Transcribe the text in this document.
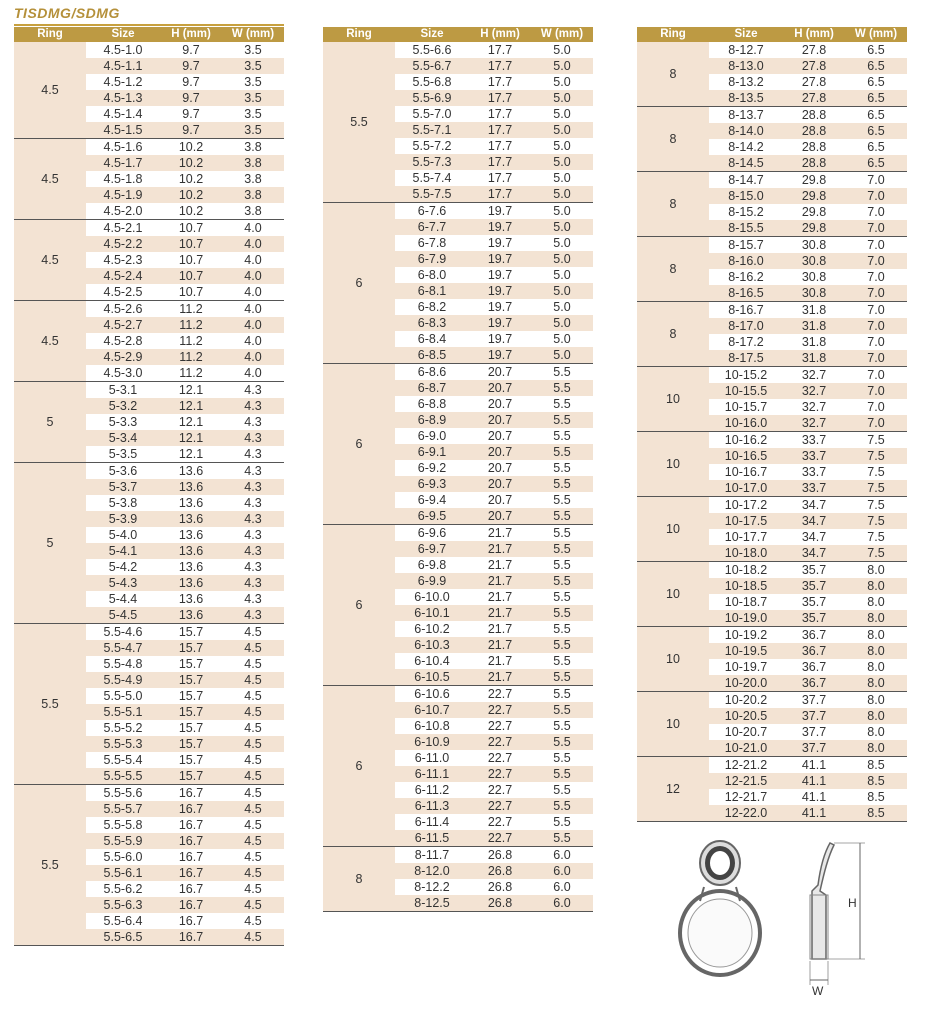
TISDMG/SDMG
Ring	Size	H (mm)	W (mm)
4.5
4.5-1.0	9.7	3.5
4.5-1.1	9.7	3.5
4.5-1.2	9.7	3.5
4.5-1.3	9.7	3.5
4.5-1.4	9.7	3.5
4.5-1.5	9.7	3.5
4.5
4.5-1.6	10.2	3.8
4.5-1.7	10.2	3.8
4.5-1.8	10.2	3.8
4.5-1.9	10.2	3.8
4.5-2.0	10.2	3.8
4.5
4.5-2.1	10.7	4.0
4.5-2.2	10.7	4.0
4.5-2.3	10.7	4.0
4.5-2.4	10.7	4.0
4.5-2.5	10.7	4.0
4.5
4.5-2.6	11.2	4.0
4.5-2.7	11.2	4.0
4.5-2.8	11.2	4.0
4.5-2.9	11.2	4.0
4.5-3.0	11.2	4.0
5
5-3.1	12.1	4.3
5-3.2	12.1	4.3
5-3.3	12.1	4.3
5-3.4	12.1	4.3
5-3.5	12.1	4.3
5
5-3.6	13.6	4.3
5-3.7	13.6	4.3
5-3.8	13.6	4.3
5-3.9	13.6	4.3
5-4.0	13.6	4.3
5-4.1	13.6	4.3
5-4.2	13.6	4.3
5-4.3	13.6	4.3
5-4.4	13.6	4.3
5-4.5	13.6	4.3
5.5
5.5-4.6	15.7	4.5
5.5-4.7	15.7	4.5
5.5-4.8	15.7	4.5
5.5-4.9	15.7	4.5
5.5-5.0	15.7	4.5
5.5-5.1	15.7	4.5
5.5-5.2	15.7	4.5
5.5-5.3	15.7	4.5
5.5-5.4	15.7	4.5
5.5-5.5	15.7	4.5
5.5
5.5-5.6	16.7	4.5
5.5-5.7	16.7	4.5
5.5-5.8	16.7	4.5
5.5-5.9	16.7	4.5
5.5-6.0	16.7	4.5
5.5-6.1	16.7	4.5
5.5-6.2	16.7	4.5
5.5-6.3	16.7	4.5
5.5-6.4	16.7	4.5
5.5-6.5	16.7	4.5
Ring	Size	H (mm)	W (mm)
5.5
5.5-6.6	17.7	5.0
5.5-6.7	17.7	5.0
5.5-6.8	17.7	5.0
5.5-6.9	17.7	5.0
5.5-7.0	17.7	5.0
5.5-7.1	17.7	5.0
5.5-7.2	17.7	5.0
5.5-7.3	17.7	5.0
5.5-7.4	17.7	5.0
5.5-7.5	17.7	5.0
6
6-7.6	19.7	5.0
6-7.7	19.7	5.0
6-7.8	19.7	5.0
6-7.9	19.7	5.0
6-8.0	19.7	5.0
6-8.1	19.7	5.0
6-8.2	19.7	5.0
6-8.3	19.7	5.0
6-8.4	19.7	5.0
6-8.5	19.7	5.0
6
6-8.6	20.7	5.5
6-8.7	20.7	5.5
6-8.8	20.7	5.5
6-8.9	20.7	5.5
6-9.0	20.7	5.5
6-9.1	20.7	5.5
6-9.2	20.7	5.5
6-9.3	20.7	5.5
6-9.4	20.7	5.5
6-9.5	20.7	5.5
6
6-9.6	21.7	5.5
6-9.7	21.7	5.5
6-9.8	21.7	5.5
6-9.9	21.7	5.5
6-10.0	21.7	5.5
6-10.1	21.7	5.5
6-10.2	21.7	5.5
6-10.3	21.7	5.5
6-10.4	21.7	5.5
6-10.5	21.7	5.5
6
6-10.6	22.7	5.5
6-10.7	22.7	5.5
6-10.8	22.7	5.5
6-10.9	22.7	5.5
6-11.0	22.7	5.5
6-11.1	22.7	5.5
6-11.2	22.7	5.5
6-11.3	22.7	5.5
6-11.4	22.7	5.5
6-11.5	22.7	5.5
8
8-11.7	26.8	6.0
8-12.0	26.8	6.0
8-12.2	26.8	6.0
8-12.5	26.8	6.0
Ring	Size	H (mm)	W (mm)
8
8-12.7	27.8	6.5
8-13.0	27.8	6.5
8-13.2	27.8	6.5
8-13.5	27.8	6.5
8
8-13.7	28.8	6.5
8-14.0	28.8	6.5
8-14.2	28.8	6.5
8-14.5	28.8	6.5
8
8-14.7	29.8	7.0
8-15.0	29.8	7.0
8-15.2	29.8	7.0
8-15.5	29.8	7.0
8
8-15.7	30.8	7.0
8-16.0	30.8	7.0
8-16.2	30.8	7.0
8-16.5	30.8	7.0
8
8-16.7	31.8	7.0
8-17.0	31.8	7.0
8-17.2	31.8	7.0
8-17.5	31.8	7.0
10
10-15.2	32.7	7.0
10-15.5	32.7	7.0
10-15.7	32.7	7.0
10-16.0	32.7	7.0
10
10-16.2	33.7	7.5
10-16.5	33.7	7.5
10-16.7	33.7	7.5
10-17.0	33.7	7.5
10
10-17.2	34.7	7.5
10-17.5	34.7	7.5
10-17.7	34.7	7.5
10-18.0	34.7	7.5
10
10-18.2	35.7	8.0
10-18.5	35.7	8.0
10-18.7	35.7	8.0
10-19.0	35.7	8.0
10
10-19.2	36.7	8.0
10-19.5	36.7	8.0
10-19.7	36.7	8.0
10-20.0	36.7	8.0
10
10-20.2	37.7	8.0
10-20.5	37.7	8.0
10-20.7	37.7	8.0
10-21.0	37.7	8.0
12
12-21.2	41.1	8.5
12-21.5	41.1	8.5
12-21.7	41.1	8.5
12-22.0	41.1	8.5
H
W
